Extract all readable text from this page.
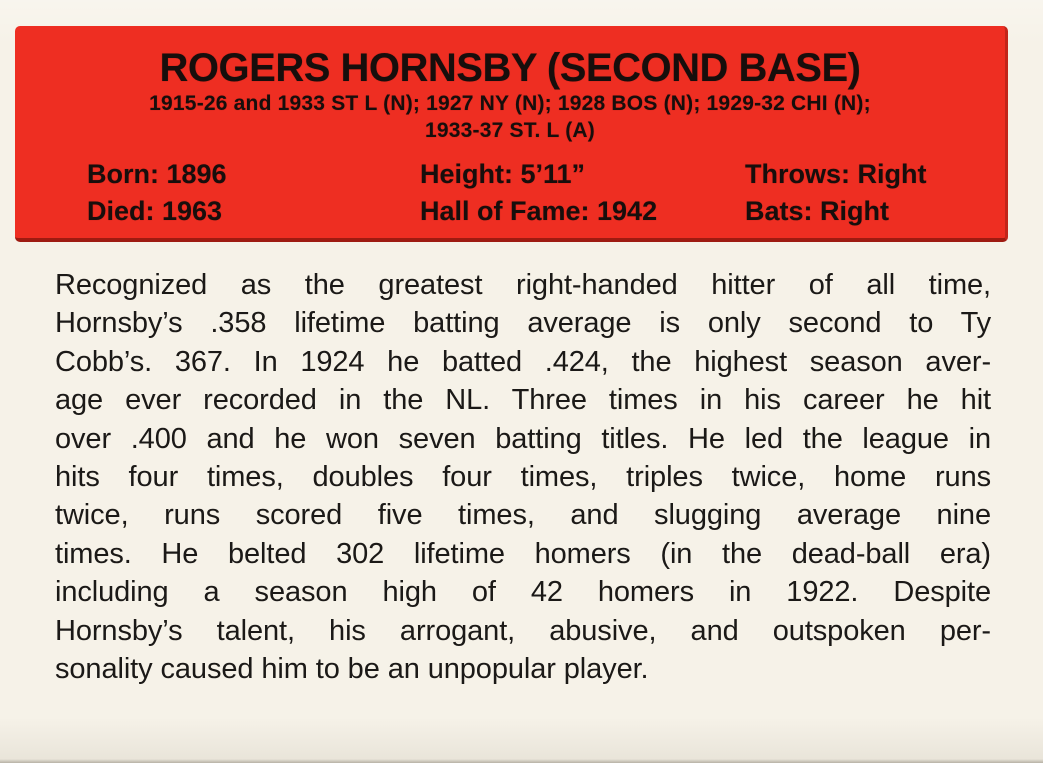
ROGERS HORNSBY (SECOND BASE)
1915-26 and 1933 ST L (N); 1927 NY (N); 1928 BOS (N); 1929-32 CHI (N);
1933-37 ST. L (A)
Born: 1896
Died: 1963
Height: 5’11”
Hall of Fame: 1942
Throws: Right
Bats: Right
Recognized as the greatest right-handed hitter of all time,
Hornsby’s .358 lifetime batting average is only second to Ty
Cobb’s. 367. In 1924 he batted .424, the highest season aver-
age ever recorded in the NL. Three times in his career he hit
over .400 and he won seven batting titles. He led the league in
hits four times, doubles four times, triples twice, home runs
twice, runs scored five times, and slugging average nine
times. He belted 302 lifetime homers (in the dead-ball era)
including a season high of 42 homers in 1922. Despite
Hornsby’s talent, his arrogant, abusive, and outspoken per-
sonality caused him to be an unpopular player.
